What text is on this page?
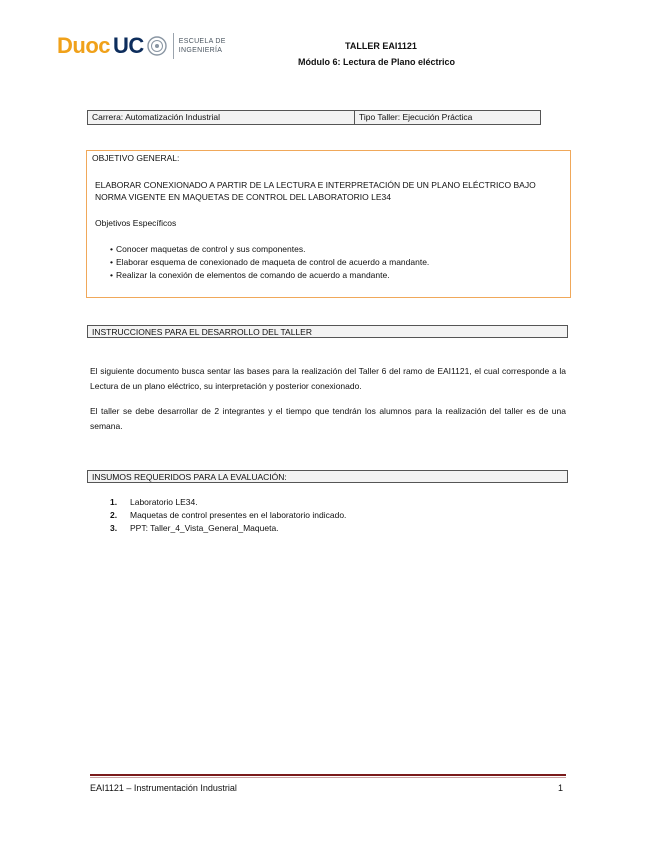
Duoc UC	ESCUELA DE
INGENIERÍA	TALLER EAI1121
Módulo 6: Lectura de Plano eléctrico
Carrera: Automatización Industrial	Tipo Taller: Ejecución Práctica
OBJETIVO GENERAL:
ELABORAR CONEXIONADO A PARTIR DE LA LECTURA E INTERPRETACIÓN DE UN PLANO ELÉCTRICO BAJO
NORMA VIGENTE EN MAQUETAS DE CONTROL DEL LABORATORIO LE34
Objetivos Específicos
• Conocer maquetas de control y sus componentes.
• Elaborar esquema de conexionado de maqueta de control de acuerdo a mandante.
• Realizar la conexión de elementos de comando de acuerdo a mandante.
INSTRUCCIONES PARA EL DESARROLLO DEL TALLER
El siguiente documento busca sentar las bases para la realización del Taller 6 del ramo de EAI1121, el cual corresponde a la Lectura de un plano eléctrico, su interpretación y posterior conexionado.
El taller se debe desarrollar de 2 integrantes y el tiempo que tendrán los alumnos para la realización del taller es de una semana.
INSUMOS REQUERIDOS PARA LA EVALUACIÓN:
1. Laboratorio LE34.
2. Maquetas de control presentes en el laboratorio indicado.
3. PPT: Taller_4_Vista_General_Maqueta.
EAI1121 – Instrumentación Industrial	1
